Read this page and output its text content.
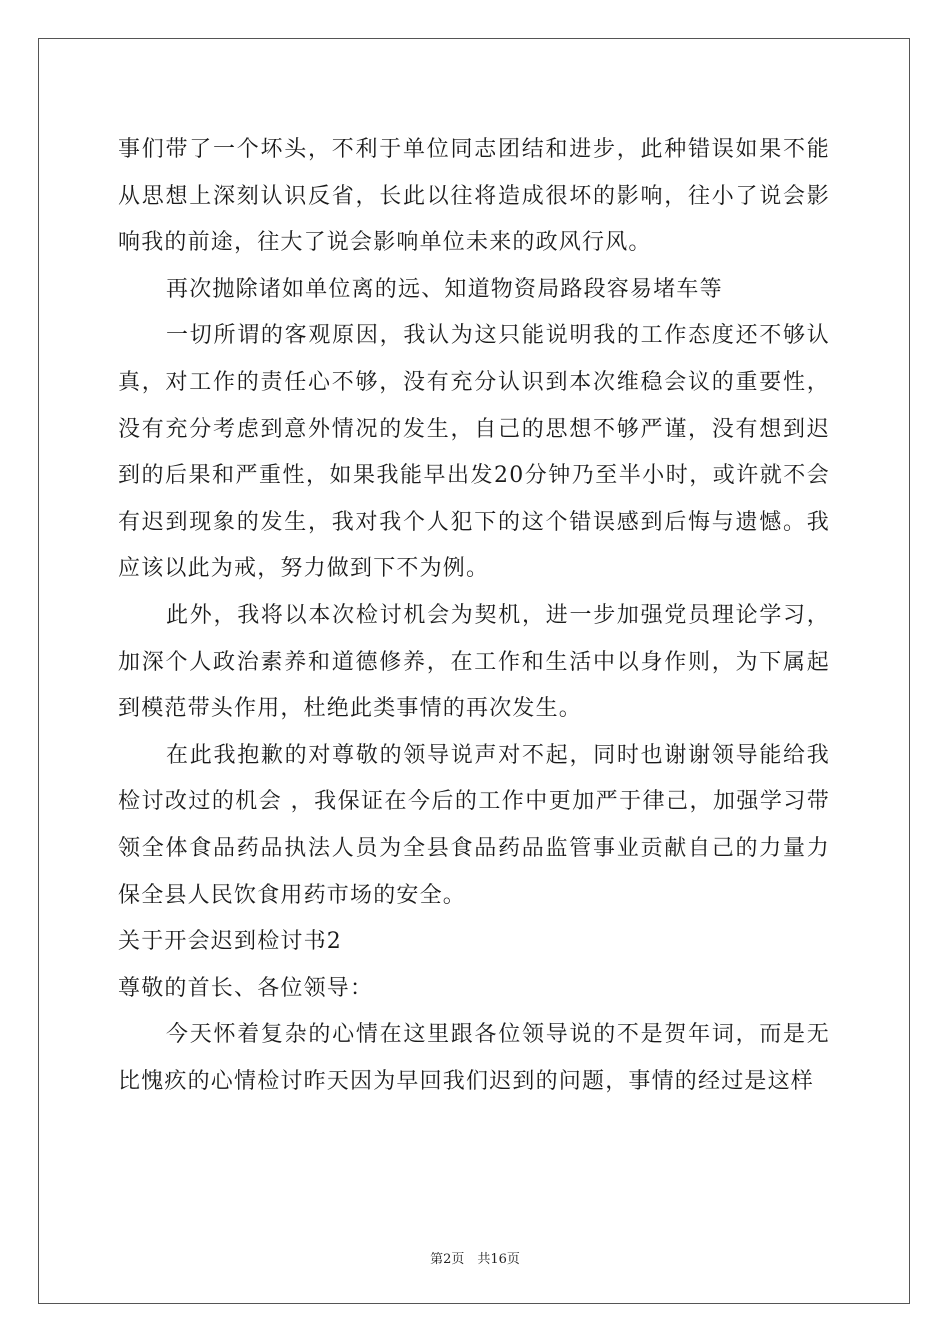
事们带了一个坏头，不利于单位同志团结和进步，此种错误如果不能从思想上深刻认识反省，长此以往将造成很坏的影响，往小了说会影响我的前途，往大了说会影响单位未来的政风行风。

再次抛除诸如单位离的远、知道物资局路段容易堵车等

一切所谓的客观原因，我认为这只能说明我的工作态度还不够认真，对工作的责任心不够，没有充分认识到本次维稳会议的重要性，没有充分考虑到意外情况的发生，自己的思想不够严谨，没有想到迟到的后果和严重性，如果我能早出发20分钟乃至半小时，或许就不会有迟到现象的发生，我对我个人犯下的这个错误感到后悔与遗憾。我应该以此为戒，努力做到下不为例。

此外，我将以本次检讨机会为契机，进一步加强党员理论学习，加深个人政治素养和道德修养，在工作和生活中以身作则，为下属起到模范带头作用，杜绝此类事情的再次发生。

在此我抱歉的对尊敬的领导说声对不起，同时也谢谢领导能给我检讨改过的机会 ，我保证在今后的工作中更加严于律己，加强学习带领全体食品药品执法人员为全县食品药品监管事业贡献自己的力量力保全县人民饮食用药市场的安全。

关于开会迟到检讨书2

尊敬的首长、各位领导：

今天怀着复杂的心情在这里跟各位领导说的不是贺年词，而是无比愧疚的心情检讨昨天因为早回我们迟到的问题，事情的经过是这样

第2页　共16页
